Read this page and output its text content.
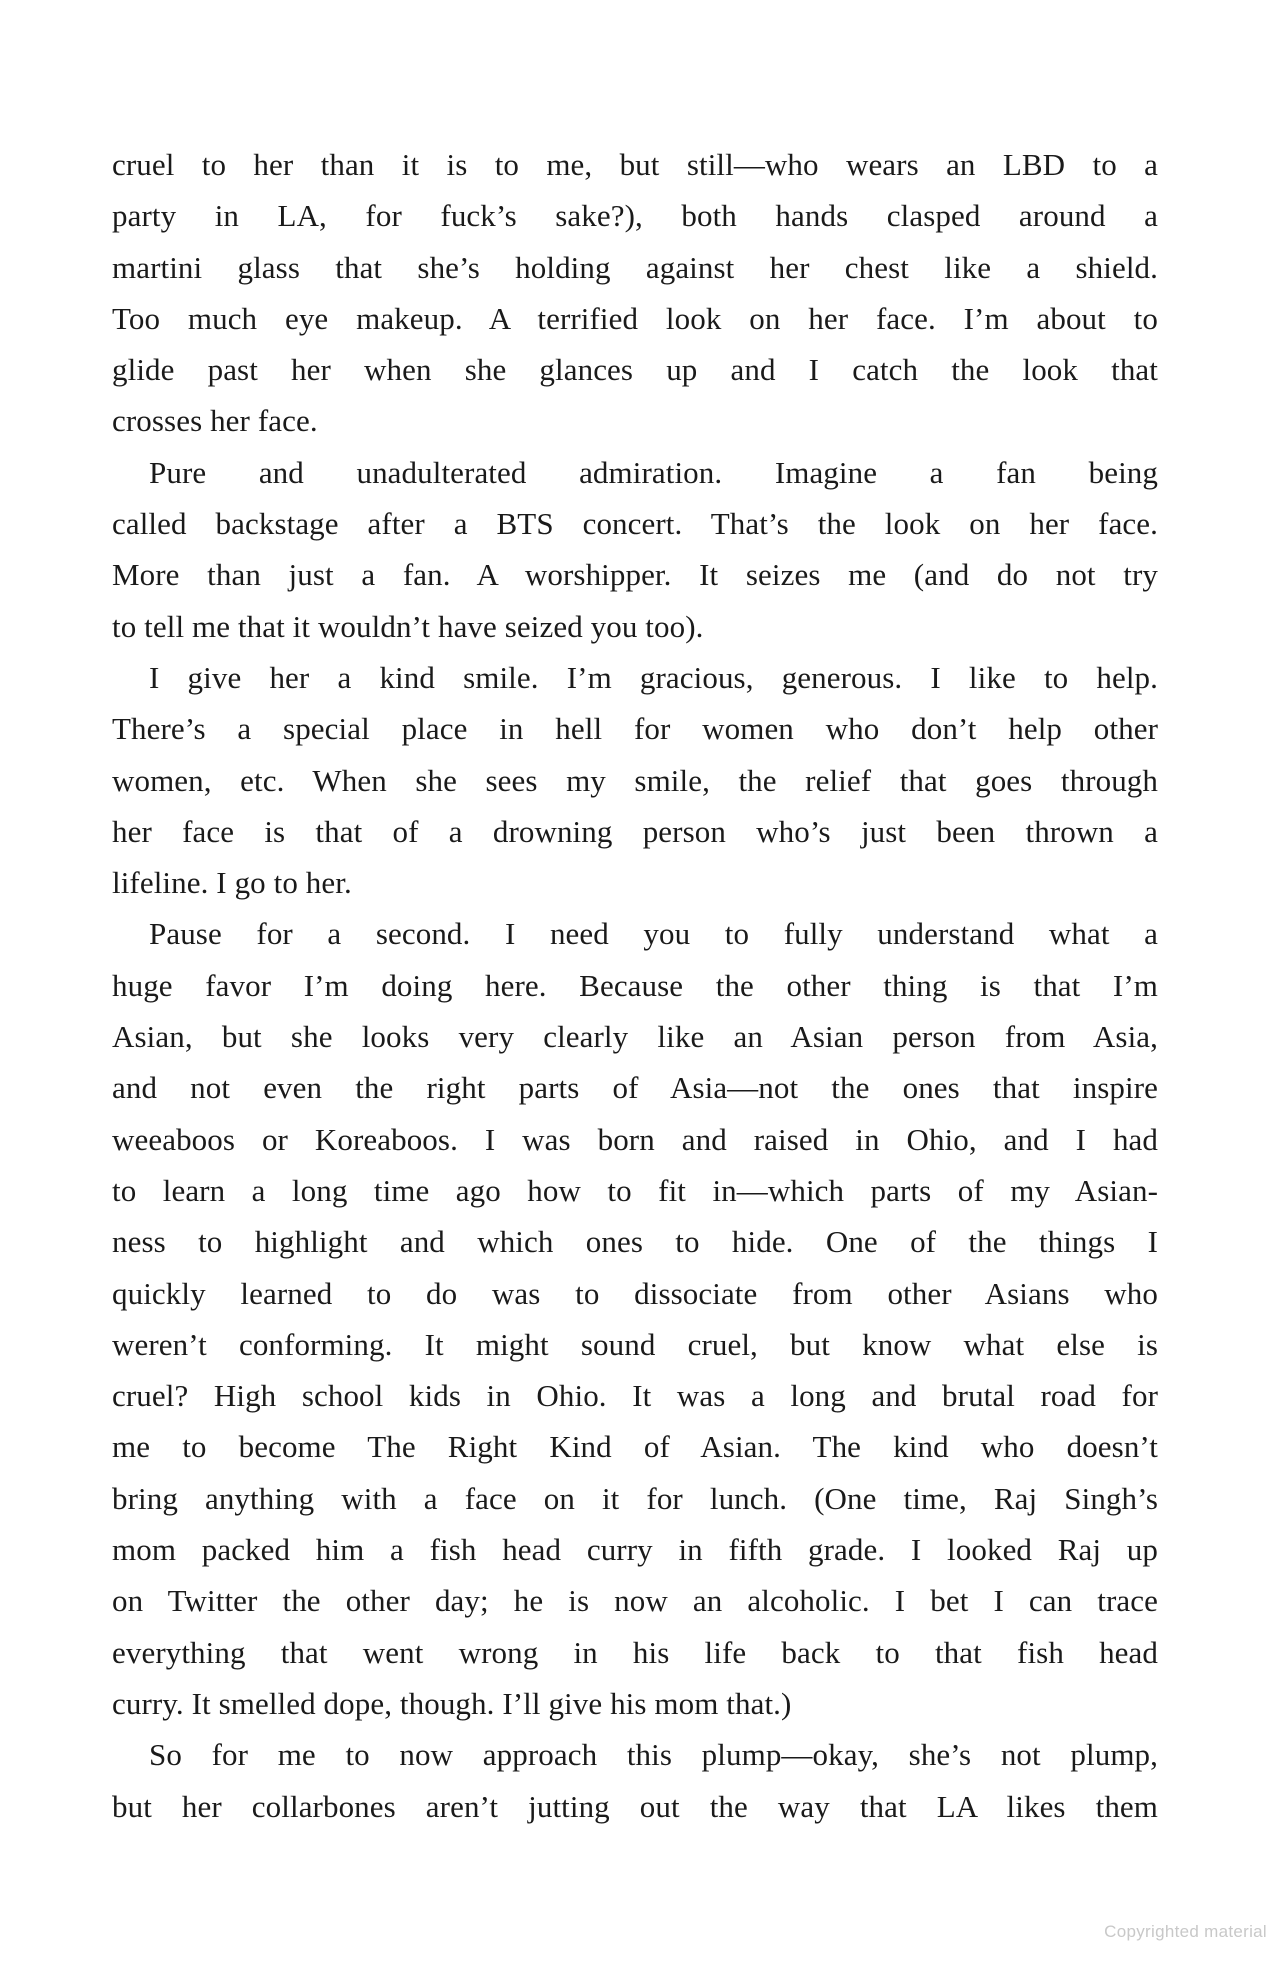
cruel to her than it is to me, but still—who wears an LBD to a
party in LA, for fuck’s sake?), both hands clasped around a
martini glass that she’s holding against her chest like a shield.
Too much eye makeup. A terrified look on her face. I’m about to
glide past her when she glances up and I catch the look that
crosses her face.
Pure and unadulterated admiration. Imagine a fan being
called backstage after a BTS concert. That’s the look on her face.
More than just a fan. A worshipper. It seizes me (and do not try
to tell me that it wouldn’t have seized you too).
I give her a kind smile. I’m gracious, generous. I like to help.
There’s a special place in hell for women who don’t help other
women, etc. When she sees my smile, the relief that goes through
her face is that of a drowning person who’s just been thrown a
lifeline. I go to her.
Pause for a second. I need you to fully understand what a
huge favor I’m doing here. Because the other thing is that I’m
Asian, but she looks very clearly like an Asian person from Asia,
and not even the right parts of Asia—not the ones that inspire
weeaboos or Koreaboos. I was born and raised in Ohio, and I had
to learn a long time ago how to fit in—which parts of my Asian-
ness to highlight and which ones to hide. One of the things I
quickly learned to do was to dissociate from other Asians who
weren’t conforming. It might sound cruel, but know what else is
cruel? High school kids in Ohio. It was a long and brutal road for
me to become The Right Kind of Asian. The kind who doesn’t
bring anything with a face on it for lunch. (One time, Raj Singh’s
mom packed him a fish head curry in fifth grade. I looked Raj up
on Twitter the other day; he is now an alcoholic. I bet I can trace
everything that went wrong in his life back to that fish head
curry. It smelled dope, though. I’ll give his mom that.)
So for me to now approach this plump—okay, she’s not plump,
but her collarbones aren’t jutting out the way that LA likes them
Copyrighted material
